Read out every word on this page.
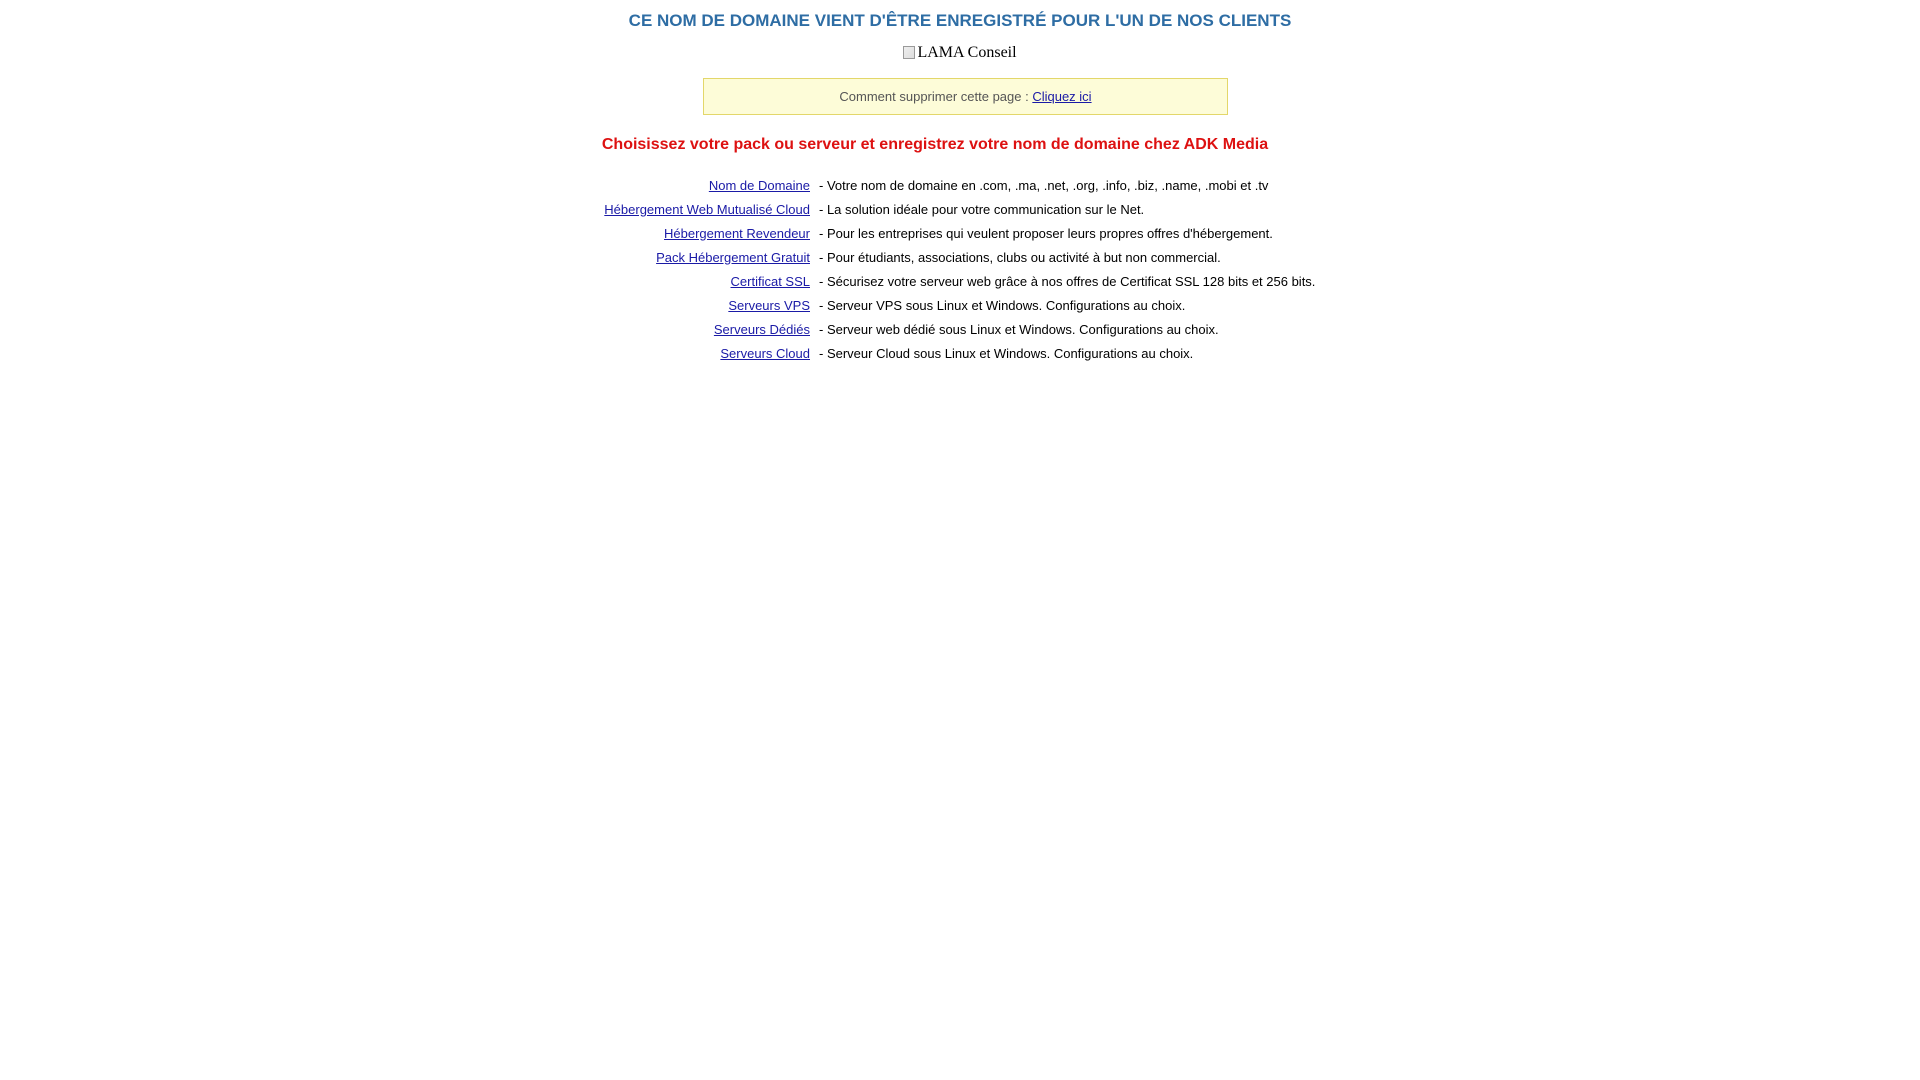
CE NOM DE DOMAINE VIENT D'ÊTRE ENREGISTRÉ POUR L'UN DE NOS CLIENTS
LAMA Conseil
Comment supprimer cette page : Cliquez ici
Choisissez votre pack ou serveur et enregistrez votre nom de domaine chez ADK Media
Nom de Domaine	- Votre nom de domaine en .com, .ma, .net, .org, .info, .biz, .name, .mobi et .tv
Hébergement Web Mutualisé Cloud	- La solution idéale pour votre communication sur le Net.
Hébergement Revendeur	- Pour les entreprises qui veulent proposer leurs propres offres d'hébergement.
Pack Hébergement Gratuit	- Pour étudiants, associations, clubs ou activité à but non commercial.
Certificat SSL	- Sécurisez votre serveur web grâce à nos offres de Certificat SSL 128 bits et 256 bits.
Serveurs VPS	- Serveur VPS sous Linux et Windows. Configurations au choix.
Serveurs Dédiés	- Serveur web dédié sous Linux et Windows. Configurations au choix.
Serveurs Cloud	- Serveur Cloud sous Linux et Windows. Configurations au choix.
